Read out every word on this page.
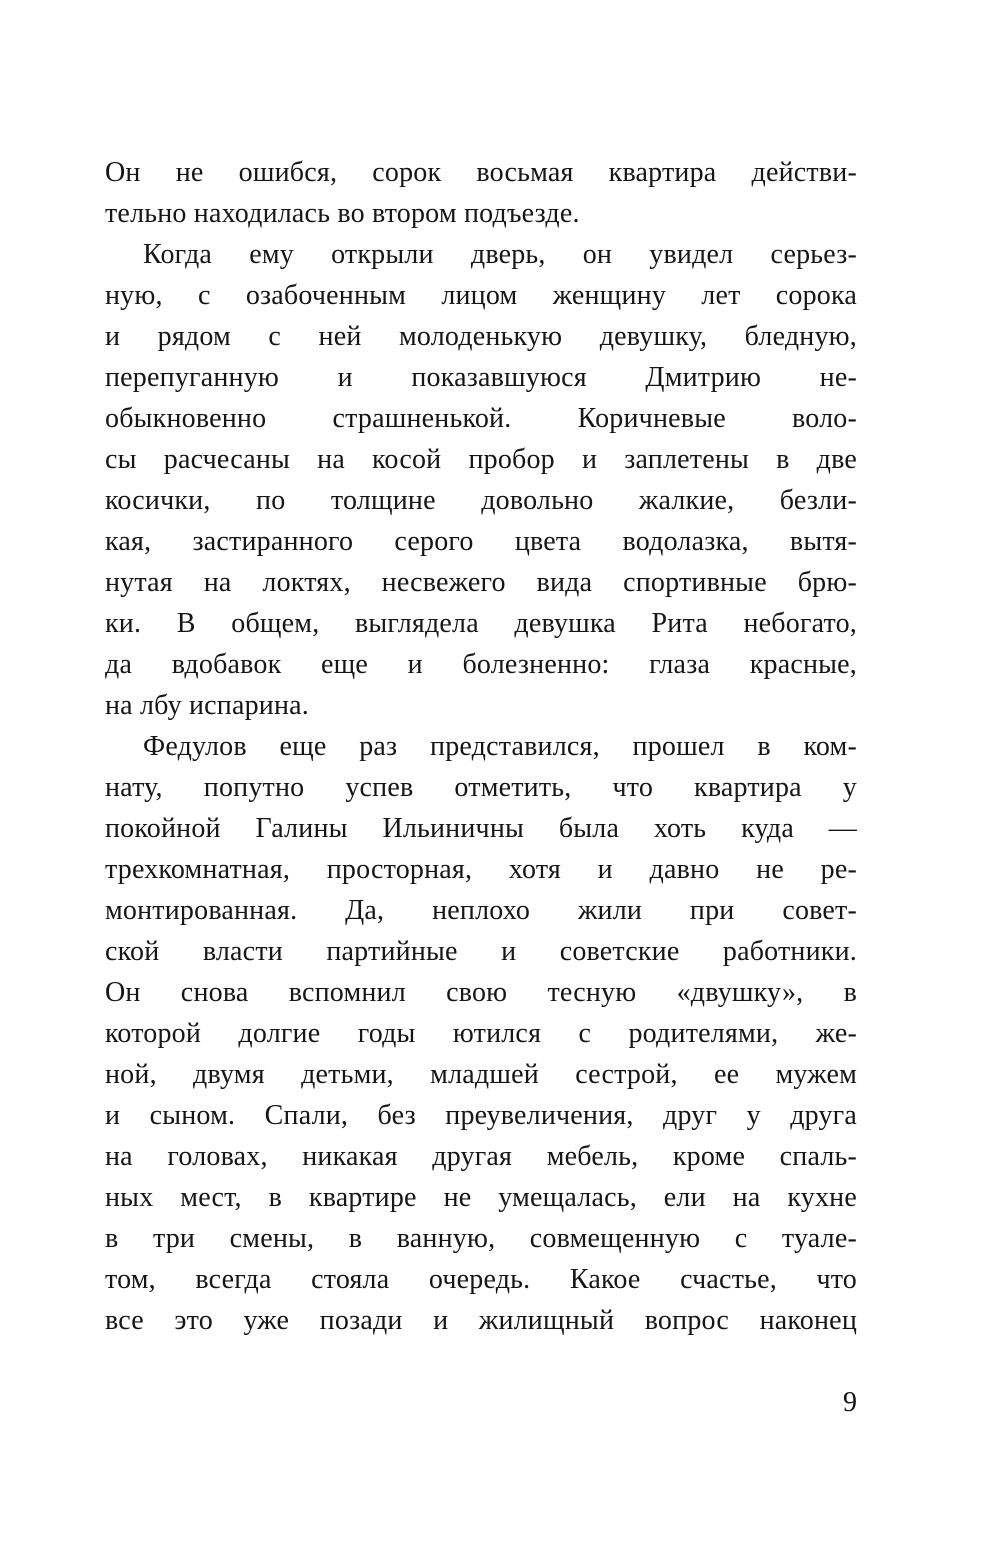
Он не ошибся, сорок восьмая квартира действи-
тельно находилась во втором подъезде.
Когда ему открыли дверь, он увидел серьез-
ную, с озабоченным лицом женщину лет сорока
и рядом с ней молоденькую девушку, бледную,
перепуганную и показавшуюся Дмитрию не-
обыкновенно страшненькой. Коричневые воло-
сы расчесаны на косой пробор и заплетены в две
косички, по толщине довольно жалкие, безли-
кая, застиранного серого цвета водолазка, вытя-
нутая на локтях, несвежего вида спортивные брю-
ки. В общем, выглядела девушка Рита небогато,
да вдобавок еще и болезненно: глаза красные,
на лбу испарина.
Федулов еще раз представился, прошел в ком-
нату, попутно успев отметить, что квартира у
покойной Галины Ильиничны была хоть куда —
трехкомнатная, просторная, хотя и давно не ре-
монтированная. Да, неплохо жили при совет-
ской власти партийные и советские работники.
Он снова вспомнил свою тесную «двушку», в
которой долгие годы ютился с родителями, же-
ной, двумя детьми, младшей сестрой, ее мужем
и сыном. Спали, без преувеличения, друг у друга
на головах, никакая другая мебель, кроме спаль-
ных мест, в квартире не умещалась, ели на кухне
в три смены, в ванную, совмещенную с туале-
том, всегда стояла очередь. Какое счастье, что
все это уже позади и жилищный вопрос наконец
9
